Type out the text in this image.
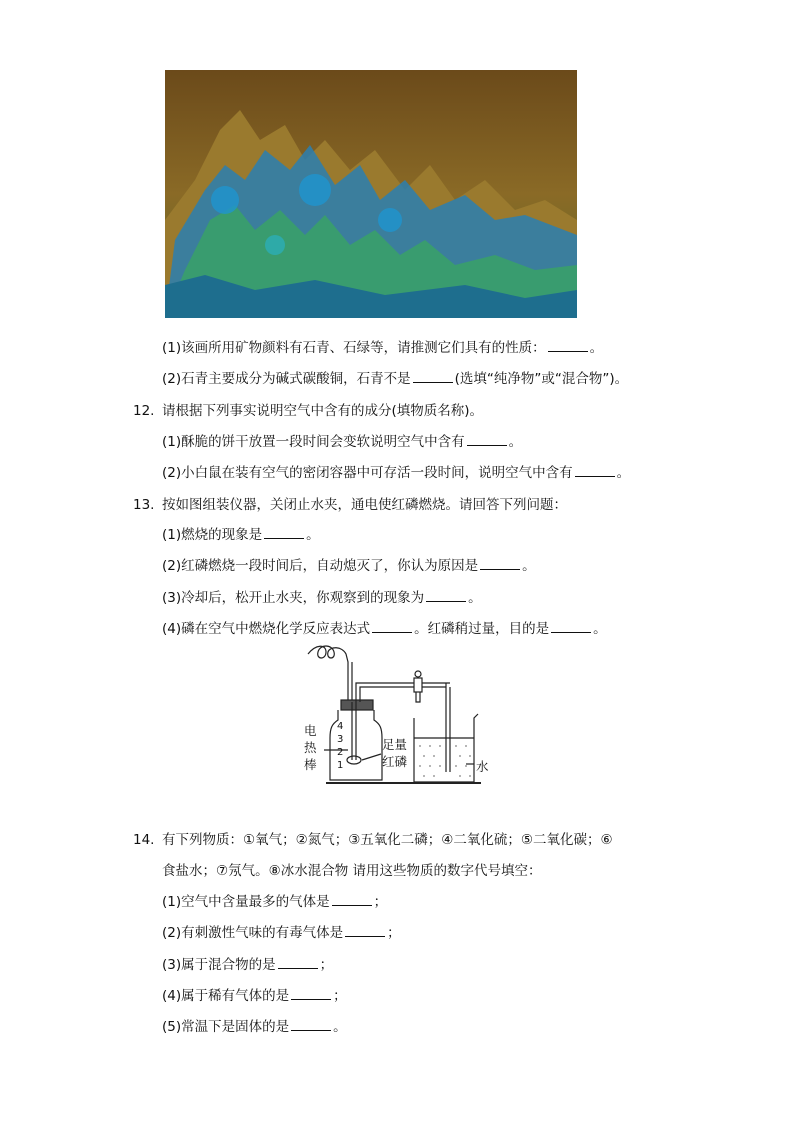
(1)该画所用矿物颜料有石青、石绿等，请推测它们具有的性质：	。
(2)石青主要成分为碱式碳酸铜，石青不是	(选填“纯净物”或“混合物”)。
12. 请根据下列事实说明空气中含有的成分(填物质名称)。
(1)酥脆的饼干放置一段时间会变软说明空气中含有	。
(2)小白鼠在装有空气的密闭容器中可存活一段时间，说明空气中含有	。
13. 按如图组装仪器，关闭止水夹，通电使红磷燃烧。请回答下列问题：
(1)燃烧的现象是	。
(2)红磷燃烧一段时间后，自动熄灭了，你认为原因是	。
(3)冷却后，松开止水夹，你观察到的现象为	。
(4)磷在空气中燃烧化学反应表达式	。红磷稍过量，目的是	。
电
热
棒
4
3
2
1
足量
红磷	水
14. 有下列物质：①氧气；②氮气；③五氧化二磷；④二氧化硫；⑤二氧化碳；⑥
食盐水；⑦氖气。⑧冰水混合物 请用这些物质的数字代号填空：
(1)空气中含量最多的气体是	；
(2)有刺激性气味的有毒气体是	；
(3)属于混合物的是	；
(4)属于稀有气体的是	；
(5)常温下是固体的是	。
